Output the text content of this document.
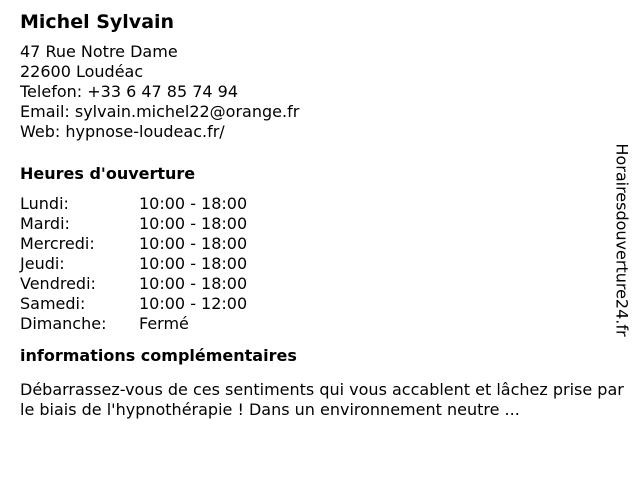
Michel Sylvain
47 Rue Notre Dame
22600 Loudéac
Telefon: +33 6 47 85 74 94
Email: sylvain.michel22@orange.fr
Web: hypnose-loudeac.fr/
Heures d'ouverture
Lundi:	10:00 - 18:00
Mardi:	10:00 - 18:00
Mercredi:	10:00 - 18:00
Jeudi:	10:00 - 18:00
Vendredi:	10:00 - 18:00
Samedi:	10:00 - 12:00
Dimanche:	Fermé
informations complémentaires
Débarrassez-vous de ces sentiments qui vous accablent et lâchez prise par le biais de l'hypnothérapie ! Dans un environnement neutre ...
Horairesdouverture24.fr
